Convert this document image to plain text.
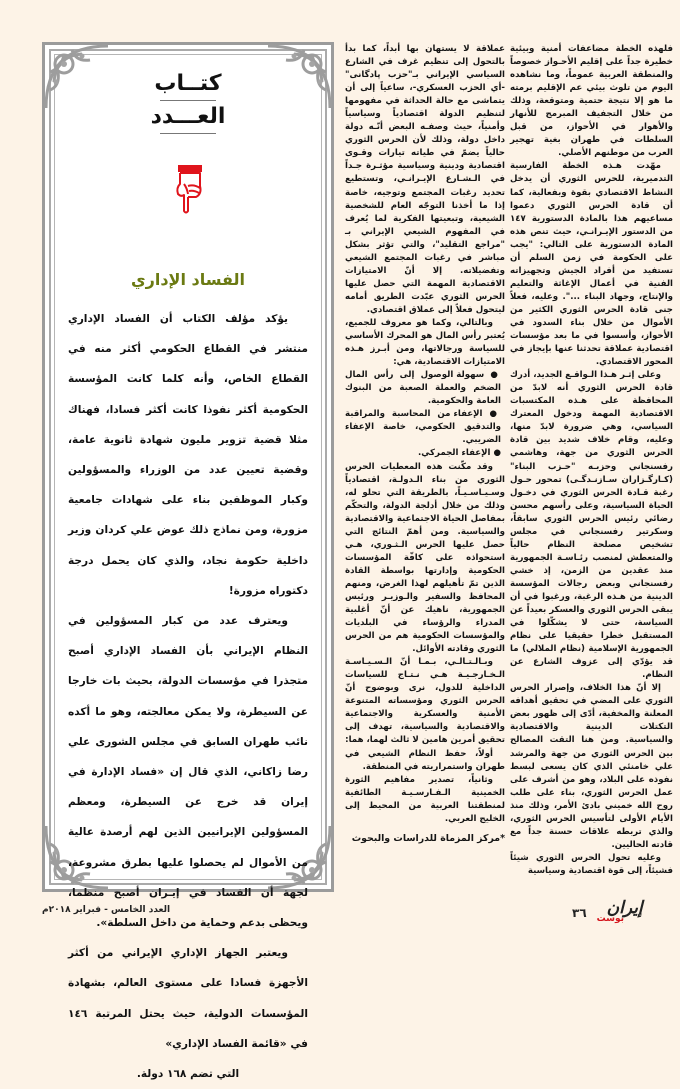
كتــاب
العـــدد
الفساد الإداري

يؤكد مؤلف الكتاب أن الفساد الإداري منتشر في القطاع الحكومي أكثر منه في القطاع الخاص، وأنه كلما كانت المؤسسة الحكومية أكثر نفوذا كانت أكثر فسادا، فهناك مثلا قضية تزوير مليون شهادة ثانوية عامة، وقضية تعيين عدد من الوزراء والمسؤولين وكبار الموظفين بناء على شهادات جامعية مزورة، ومن نماذج ذلك عوض علي كردان وزير داخلية حكومة نجاد، والذي كان يحمل درجة دكتوراه مزورة!

ويعترف عدد من كبار المسؤولين في النظام الإيراني بأن الفساد الإداري أصبح متجذرا في مؤسسات الدولة، بحيث بات خارجا عن السيطرة، ولا يمكن معالجته، وهو ما أكده نائب طهران السابق في مجلس الشورى علي رضا زاكاني، الذي قال إن «فساد الإدارة في إيران قد خرج عن السيطرة، ومعظم المسؤولين الإيرانيين الذين لهم أرصدة عالية من الأموال لم يحصلوا عليها بطرق مشروعة، لجهة أن الفساد في إيـران أصبح منظما، ويحظى بدعم وحماية من داخل السلطة».

ويعتبر الجهاز الإداري الإيراني من أكثر الأجهزة فسادا على مستوى العالم، بشهادة المؤسسات الدولية، حيث يحتل المرتبة ١٤٦ في «قائمة الفساد الإداري»

التي تضم ١٦٨ دولة.

عملاقة لا يستهان بها أبداً، كما بدأ بالتحول إلى تنظيم غرف في الشارع السياسي الإيراني بـ"حزب پادگانی" -أي الحزب العسكري-، ساعياً إلى أن يتماشى مع حالة الحداثة في مفهومها لتنظيم الدولة اقتصادياً وسياسياً وأمنياً، حيث وصفـه البعض أنّـه دولة داخل دولة، وذلك لأن الحرس الثوري حالياً يضمّ في طياته تيارات وقـوى اقتصادية ودينية وسياسية مؤثـرة جـداً في الـشـارع الإيـرانـي، وتستطيع تحديد رغبات المجتمع وتوجيه، خاصة إذا ما أخذنا التوجّه العام للشخصية الشيعية، وتبعيتها الفكرية لما يُعرف في المفهوم الشيعي الإيراني بـ "مراجع التقليد"، والتي تؤثر بشكل مباشر في رغبات المجتمع الشيعي وتفضيلاته. إلا أنّ الامتيازات الاقتصادية المهمة التي حصل عليها الحرس الثوري عبّدت الطريق أمامه ليتحول فعلاً إلى عملاق اقتصادي.

وبالتالي، وكما هو معروف للجميع، يُعتبر رأس المال هو المحرك الأساسي للسياسة ورجالاتها، ومن أبـرز هـذه الامتيازات الاقتصادية، هي:

● سهولة الوصول إلى رأس المال الضخم والعملة الصعبة من البنوك العامة والحكومية.

● الإعفاء من المحاسبة والمراقبة والتدقيق الحكومي، خاصة الإعفاء الضريبي.

● الإعفاء الجمركي.

وقد مكّنت هذه المعطيات الحرس الثوري من بناء الـدولـة، اقتصادياً وسـيـاسـيـاً، بالطريقة التي تحلو له، وذلك من خلال أدلجة الدولة، والتحكّم بمفاصل الحياة الاجتماعية والاقتصادية والسياسية. ومن أهمّ النتائج التي حصل عليها الحرس الـثـوري، هـي استحواذه على كافّة المؤسسات الحكومية وإدارتها بواسطة القادة الذين تمّ تأهيلهم لهذا الغرض، ومنهم المحافظ والسفير والـوزيـر ورئيس الجمهورية، ناهيك عن أنّ أغلبية المدراء والرؤساء في البلديات والمؤسسات الحكومية هم من الحرس الثوري وقادته الأوائل.

وبـالـتـالـي، بـمـا أنّ الـسـيـاسـة الـخـارجـيـة هـي نـتـاج للسياسات الداخلية للدول، نرى وبوضوح أنّ الحرس الثوري ومؤسساته المتنوعة الأمنية والعسكرية والاجتماعية والاقتصادية والسياسية، تهدف إلى تحقيق أمرين هامين لا ثالث لهما، هما:

أولاً، حفظ النظام الشيعي في طهران واستمراريته في المنطقة.

وثانياً، تصدير مفاهيم الثورة الخمينية الـفـارسـيـة الطائفية لمنطقتنا العربية من المحيط إلى الخليج العربي.

*مركز المزماة للدراسات والبحوث

فلهذه الخطة مضاعفات أمنية وبيئية خطيرة جداً على إقليم الأحـواز خصوصاً والمنطقة العربية عموماً، وما نشاهده اليوم من تلوث بيئي عم الإقليم برمته ما هو إلا نتيجة حتمية ومتوقعة، وذلك من خلال التجفيف المبرمج للأنهار والأهوار في الأحواز، من قبل السلطات في طهران بغية تهجير العرب من موطنهم الأصلي.

مهّدت هـذه الخطة الفارسية التدميرية، للحرس الثوري أن يدخل النشاط الاقتصادي بقوة وبفعالية، كما أن قادة الحرس الثوري دعموا مساعيهم هذا بالمادة الدستورية ١٤٧ من الدستور الإيـرانـي، حيث تنص هذه المادة الدستورية على التالي: "يجب على الحكومة في زمن السلم أن تستفيد من أفراد الجيش وتجهيزاته الفنية في أعمال الإغاثة والتعليم والإنتاج، وجهاد البناء ...". وعليه، فعلاً جنى قادة الحرس الثوري الكثير من الأموال من خلال بناء السدود في الأحواز، وأسسوا في ما بعد مؤسسات اقتصادية عملاقة تحدثنا عنها بإيجاز في المحور الاقتصادي.

وعلى إثـر هـذا الـواقـع الجديد، أدرك قادة الحرس الثوري أنه لابدّ من المحافظة على هـذه المكتسبات الاقتصادية المهمة ودخول المعترك السياسي، وهي ضرورة لابدّ منها، وعليه، وقام خلاف شديد بين قادة الحرس الثوري من جهة، وهاشمي رفسنجاني وحزبـه "حـزب البناء" (كـارگـزاران سـازنـدگـی) تمحور حـول رغبة قـادة الحرس الثوري في دخـول الحياة السياسية، وعلى رأسهم محسن رضائي رئيس الحرس الثوري سابقاً، وسكرتير رفسنجاني في مجلس تشخيص مصلحة النظام حالياً والمتعطش لمنصب رئـاسـة الجمهورية منذ عقدين من الزمن، إذ خشي رفسنجاني وبعض رجالات المؤسسة الدينية من هـذه الرغبة، ورغبوا في أن يبقى الحرس الثوري والعسكر بعيداً عن السياسة، حتى لا يشكّلوا في المستقبل خطرا حقيقيا على نظام الجمهورية الإسلامية (نظام الملالي) ما قد يؤدّي إلى عزوف الشارع عن النظام.

إلا أنّ هذا الخلاف، وإصرار الحرس الثوري على المضي في تحقيق أهدافه المعلنة والمخفية، أدّى إلى ظهور بعض التكتلات الدينية والاقتصادية والسياسية. ومن هنا التقت المصالح بين الحرس الثوري من جهة والمرشد علي خامنئي الذي كان يسعى لبسط نفوذه على البلاد، وهو من أشرف على عمل الحرس الثوري، بناء على طلب روح الله خميني بادئ الأمر، وذلك منذ الأيام الأولى لتأسيس الحرس الثوري، والذي تربطه علاقات حسنة جداً مع قادته الحاليين.

وعليه تحول الحرس الثوري شيئاً فشيئاً، إلى قوة اقتصادية وسياسية

العدد الخامس - فبراير ٢٠١٨م	٣٦ إيران
بوست
